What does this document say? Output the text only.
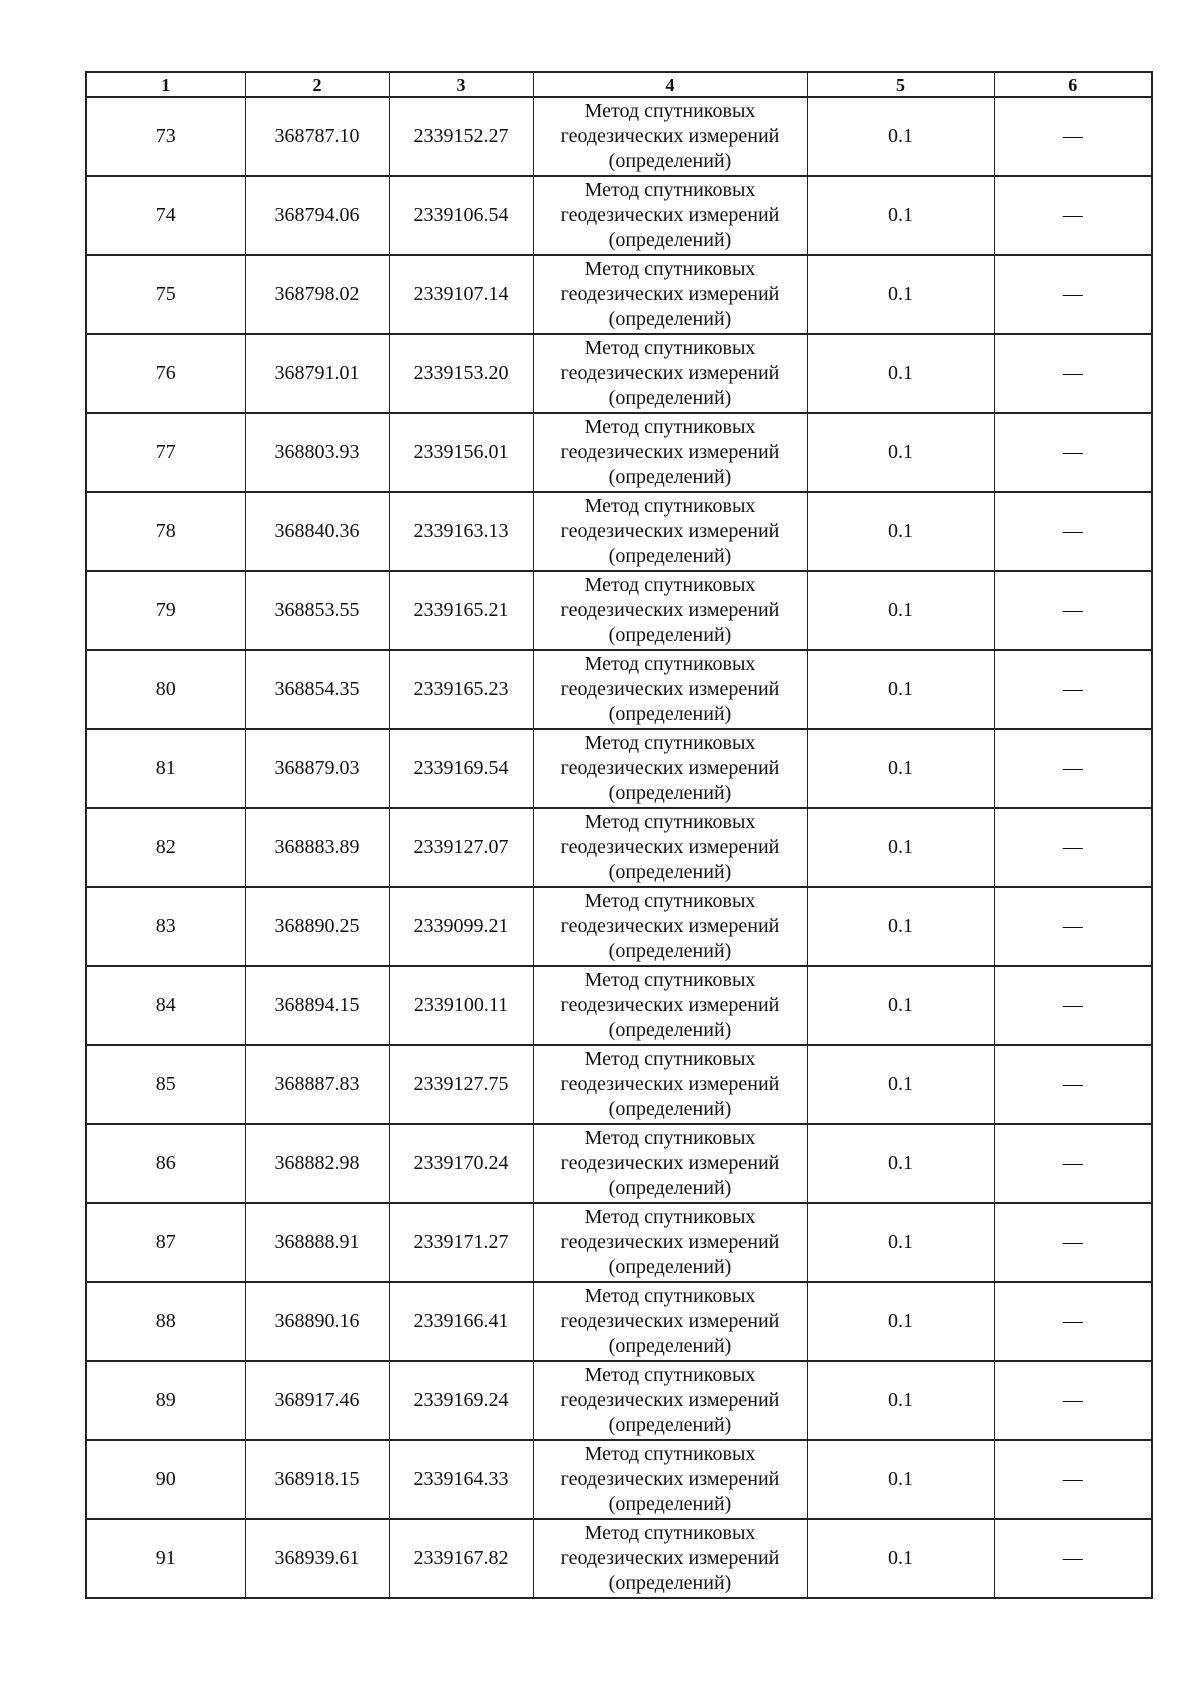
1	2	3	4	5	6
73	368787.10	2339152.27	Метод спутниковых
геодезических измерений
(определений)	0.1	—
74	368794.06	2339106.54	Метод спутниковых
геодезических измерений
(определений)	0.1	—
75	368798.02	2339107.14	Метод спутниковых
геодезических измерений
(определений)	0.1	—
76	368791.01	2339153.20	Метод спутниковых
геодезических измерений
(определений)	0.1	—
77	368803.93	2339156.01	Метод спутниковых
геодезических измерений
(определений)	0.1	—
78	368840.36	2339163.13	Метод спутниковых
геодезических измерений
(определений)	0.1	—
79	368853.55	2339165.21	Метод спутниковых
геодезических измерений
(определений)	0.1	—
80	368854.35	2339165.23	Метод спутниковых
геодезических измерений
(определений)	0.1	—
81	368879.03	2339169.54	Метод спутниковых
геодезических измерений
(определений)	0.1	—
82	368883.89	2339127.07	Метод спутниковых
геодезических измерений
(определений)	0.1	—
83	368890.25	2339099.21	Метод спутниковых
геодезических измерений
(определений)	0.1	—
84	368894.15	2339100.11	Метод спутниковых
геодезических измерений
(определений)	0.1	—
85	368887.83	2339127.75	Метод спутниковых
геодезических измерений
(определений)	0.1	—
86	368882.98	2339170.24	Метод спутниковых
геодезических измерений
(определений)	0.1	—
87	368888.91	2339171.27	Метод спутниковых
геодезических измерений
(определений)	0.1	—
88	368890.16	2339166.41	Метод спутниковых
геодезических измерений
(определений)	0.1	—
89	368917.46	2339169.24	Метод спутниковых
геодезических измерений
(определений)	0.1	—
90	368918.15	2339164.33	Метод спутниковых
геодезических измерений
(определений)	0.1	—
91	368939.61	2339167.82	Метод спутниковых
геодезических измерений
(определений)	0.1	—
